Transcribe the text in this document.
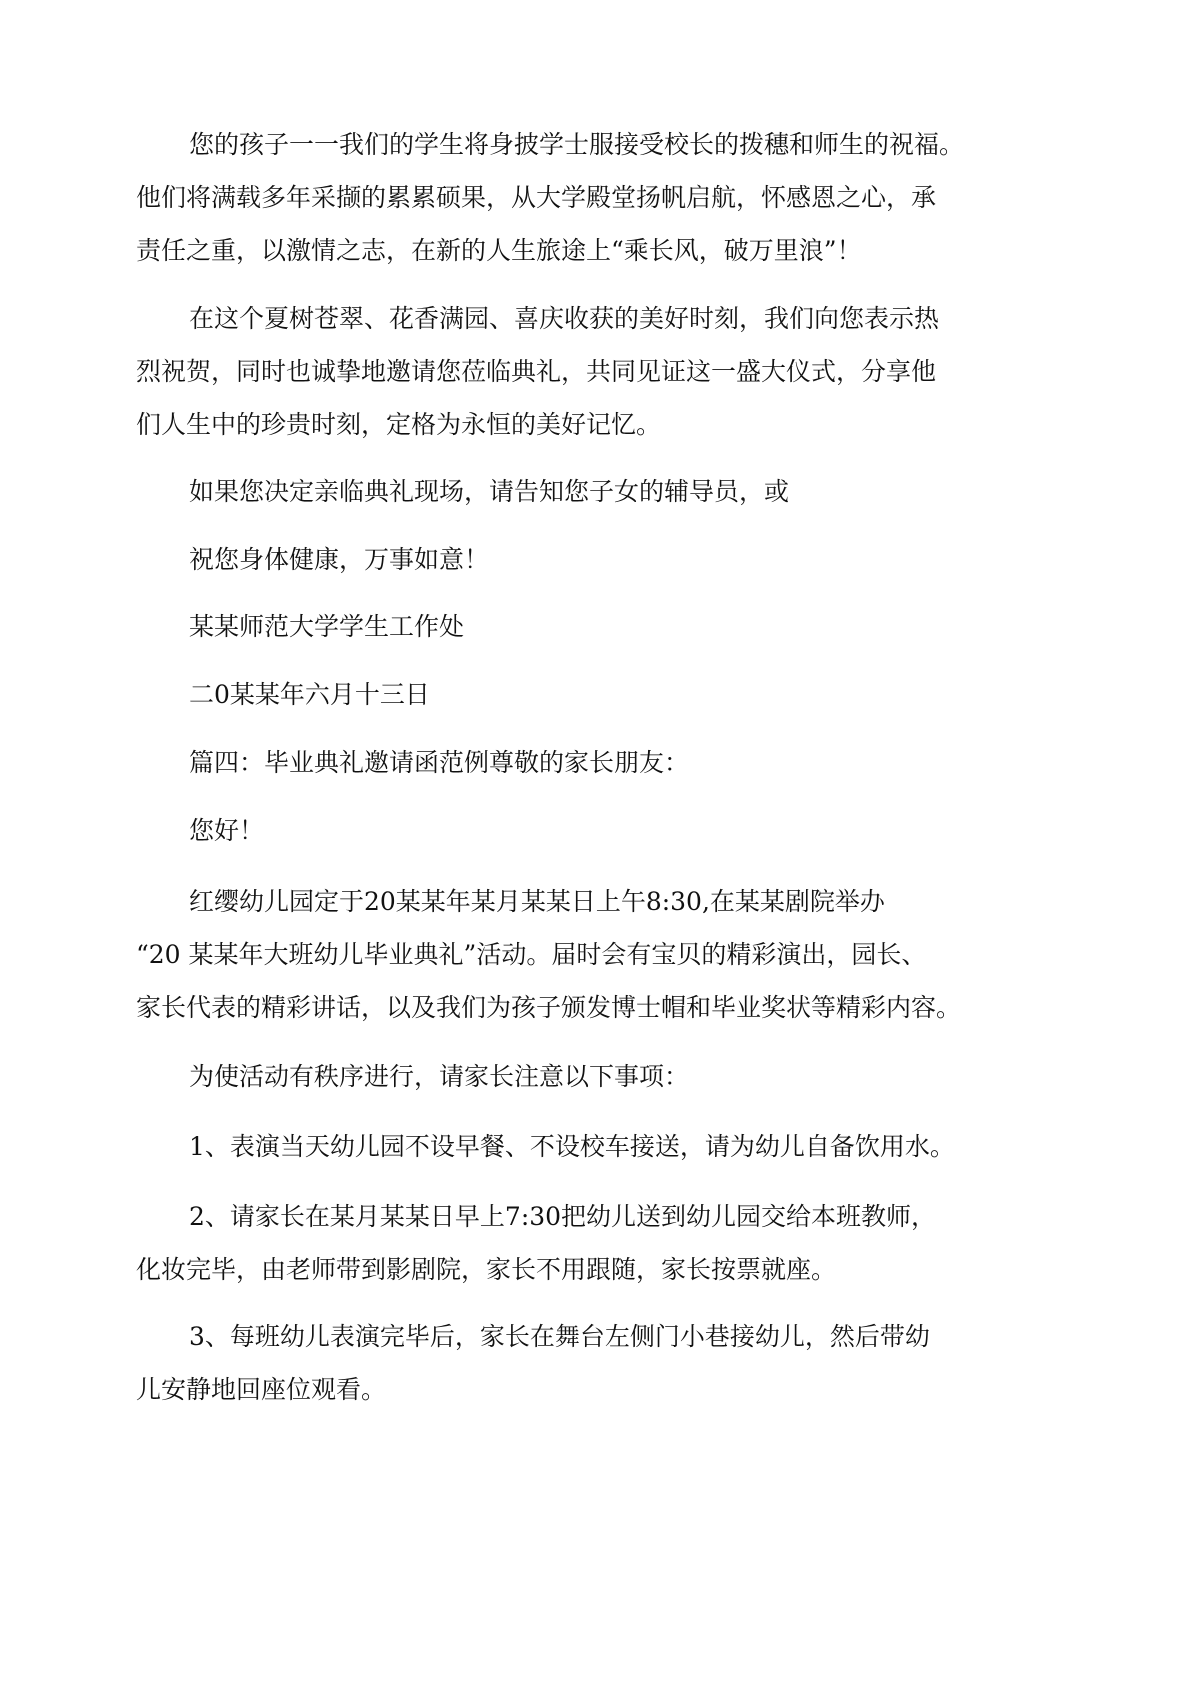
您的孩子一一我们的学生将身披学士服接受校长的拨穗和师生的祝福。
他们将满载多年采撷的累累硕果，从大学殿堂扬帆启航，怀感恩之心，承
责任之重，以激情之志，在新的人生旅途上“乘长风，破万里浪”！
在这个夏树苍翠、花香满园、喜庆收获的美好时刻，我们向您表示热
烈祝贺，同时也诚挚地邀请您莅临典礼，共同见证这一盛大仪式，分享他
们人生中的珍贵时刻，定格为永恒的美好记忆。
如果您决定亲临典礼现场，请告知您子女的辅导员，或
祝您身体健康，万事如意！
某某师范大学学生工作处
二0某某年六月十三日
篇四：毕业典礼邀请函范例尊敬的家长朋友：
您好！
红缨幼儿园定于20某某年某月某某日上午8:30,在某某剧院举办
“20 某某年大班幼儿毕业典礼”活动。届时会有宝贝的精彩演出，园长、
家长代表的精彩讲话，以及我们为孩子颁发博士帽和毕业奖状等精彩内容。
为使活动有秩序进行，请家长注意以下事项：
1、表演当天幼儿园不设早餐、不设校车接送，请为幼儿自备饮用水。
2、请家长在某月某某日早上7:30把幼儿送到幼儿园交给本班教师，
化妆完毕，由老师带到影剧院，家长不用跟随，家长按票就座。
3、每班幼儿表演完毕后，家长在舞台左侧门小巷接幼儿，然后带幼
儿安静地回座位观看。
